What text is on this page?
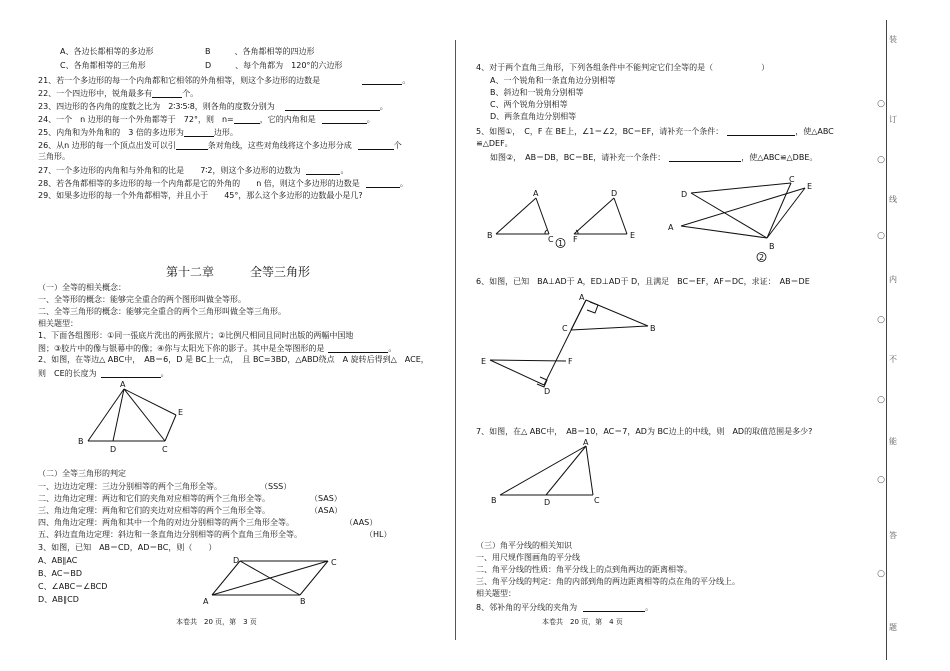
A、各边长都相等的多边形	B　　　、各角都相等的四边形
C、各角都相等的三角形	D　　　、每个角都为　120°的六边形
21、若一个多边形的每一个内角都和它相邻的外角相等，则这个多边形的边数是	。
22、一个四边形中，锐角最多有	个。
23、四边形的各内角的度数之比为　 2∶3∶5∶8，则各角的度数分别为	。
24、一个　n 边形的每一个外角都等于　 72°，则　n=	，它的内角和是	。
25、内角和为外角和的　 3 倍的多边形为	边形。
26、从n 边形的每一个顶点出发可以引	条对角线，这些对角线将这个多边形分成	个
三角形。
27、一个多边形的内角和与外角和的比是　　 7∶2，则这个多边形的边数为	。
28、若各角都相等的多边形的每一个内角都是它的外角的　　 n 倍，则这个多边形的边数是	。
29、如果多边形的每一个外角都相等，并且小于　　 45°，那么这个多边形的边数最小是几?
第十二章　　　	全等三角形
（一）全等的相关概念：
一、全等形的概念：能够完全重合的两个图形叫做全等形。
二、全等三角形的概念：能够完全重合的两个三角形叫做全等三角形。
相关题型：
1、下面各组图形：①同一張底片洗出的两张照片；②比例尺相同且同时出版的两幅中国地
图；③胶片中的像与银幕中的像；④你与太阳光下你的影子。其中是全等图形的是	。
2、如图，在等边△ ABC中，　AB＝6，D 是 BC上一点，　且 BC=3BD，△ABD绕点　A 旋转后得到△　ACE，
则　CE的长度为	。
A
E
B
D	C
（二）全等三角形的判定
一、边边边定理：三边分别相等的两个三角形全等。	（SSS）
二、边角边定理：两边和它们的夹角对应相等的两个三角形全等。	（SAS）
三、角边角定理：两角和它们的夹边对应相等的两个三角形全等。	（ASA）
四、角角边定理：两角和其中一个角的对边分别相等的两个三角形全等。	（AAS）
五、斜边直角边定理：斜边和一条直角边分别相等的两个直角三角形全等。	（HL）
3、如图，已知　AB＝CD，AD＝BC，则（　　）
A、AB∥AC
B、AC＝BD
C、∠ABC＝∠BCD
D、AB∥CD
D	C
A	B
本卷共　20 页，第　3 页
4、对于两个直角三角形，下列各组条件中不能判定它们全等的是（　　　　　　）
A、一个锐角和一条直角边分别相等
B、斜边和一锐角分别相等
C、两个锐角分别相等
D、两条直角边分别相等
5、如图①，　C，F 在 BE上，∠1＝∠2，BC＝EF，请补充一个条件：	，使△ABC
≌△DEF。
如图②，　AB＝DB，BC＝BE，请补充一个条件：	，使△ABC≌△DBE。
A	D
B	C 1 F	E
C
E
D
A
B
2
6、如图，已知　BA⊥AD于 A，ED⊥AD于 D，且满足　BC＝EF，AF＝DC，求证：　AB＝DE
A
C	B
E	F
D
7、如图，在△ ABC中，　AB＝10，AC＝7，AD为 BC边上的中线，则　AD的取值范围是多少?
A
B	D	C
（三）角平分线的相关知识
一、用尺规作图画角的平分线
二、角平分线的性质：角平分线上的点到角两边的距离相等。
三、角平分线的判定：角的内部到角的两边距离相等的点在角的平分线上。
相关题型：
8、邻补角的平分线的夹角为	。
本卷共　20 页，第　4 页
装
○
订
○
线
○
内
○
不
○
能
○
答
○
题
